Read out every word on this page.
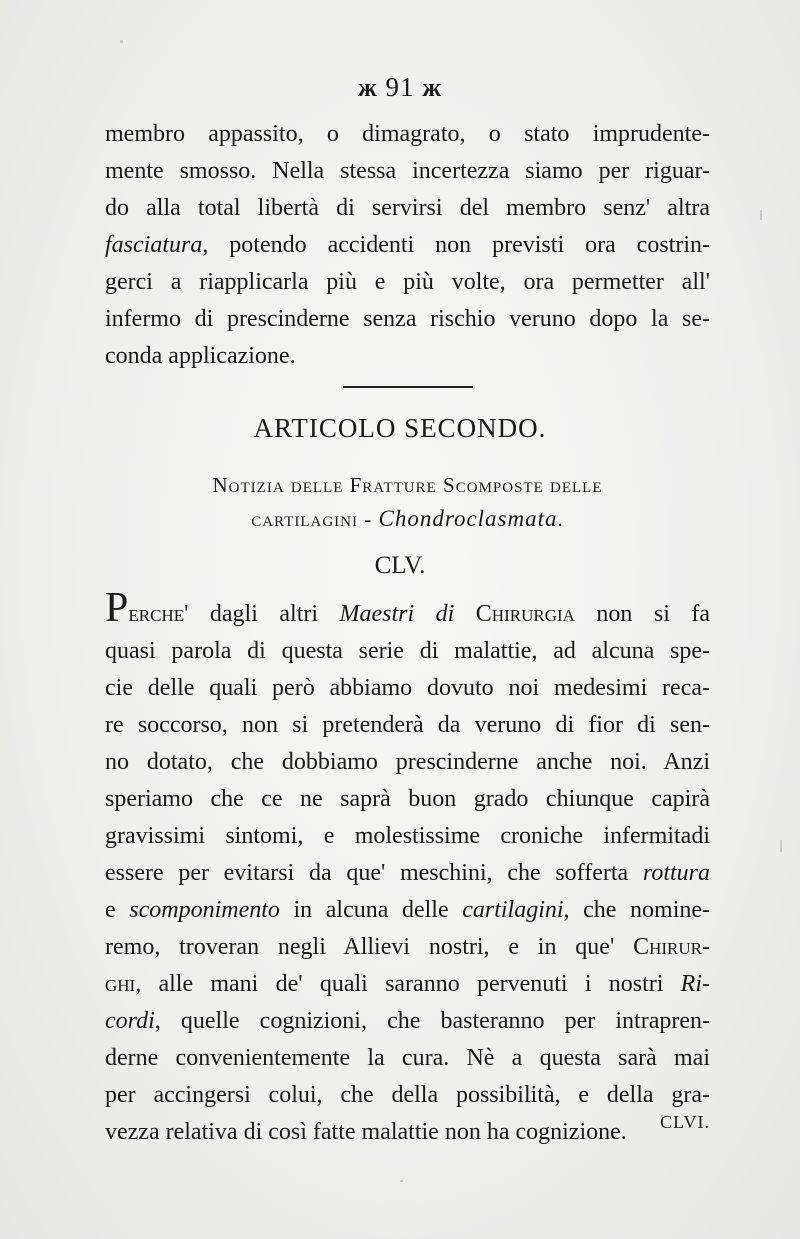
ж 91 ж
membro appassito, o dimagrato, o stato imprudente-
mente smosso. Nella stessa incertezza siamo per riguar-
do alla total libertà di servirsi del membro senz' altra
fasciatura, potendo accidenti non previsti ora costrin-
gerci a riapplicarla più e più volte, ora permetter all'
infermo di prescinderne senza rischio veruno dopo la se-
conda applicazione.
ARTICOLO SECONDO.
Notizia delle Fratture Scomposte delle
cartilagini - Chondroclasmata.
CLV.
Perche' dagli altri Maestri di Chirurgia non si fa
quasi parola di questa serie di malattie, ad alcuna spe-
cie delle quali però abbiamo dovuto noi medesimi reca-
re soccorso, non si pretenderà da veruno di fior di sen-
no dotato, che dobbiamo prescinderne anche noi. Anzi
speriamo che ce ne saprà buon grado chiunque capirà
gravissimi sintomi, e molestissime croniche infermitadi
essere per evitarsi da que' meschini, che sofferta rottura
e scomponimento in alcuna delle cartilagini, che nomine-
remo, troveran negli Allievi nostri, e in que' Chirur-
ghi, alle mani de' quali saranno pervenuti i nostri Ri-
cordi, quelle cognizioni, che basteranno per intrapren-
derne convenientemente la cura. Nè a questa sarà mai
per accingersi colui, che della possibilità, e della gra-
vezza relativa di così fatte malattie non ha cognizione.	CLVI.
